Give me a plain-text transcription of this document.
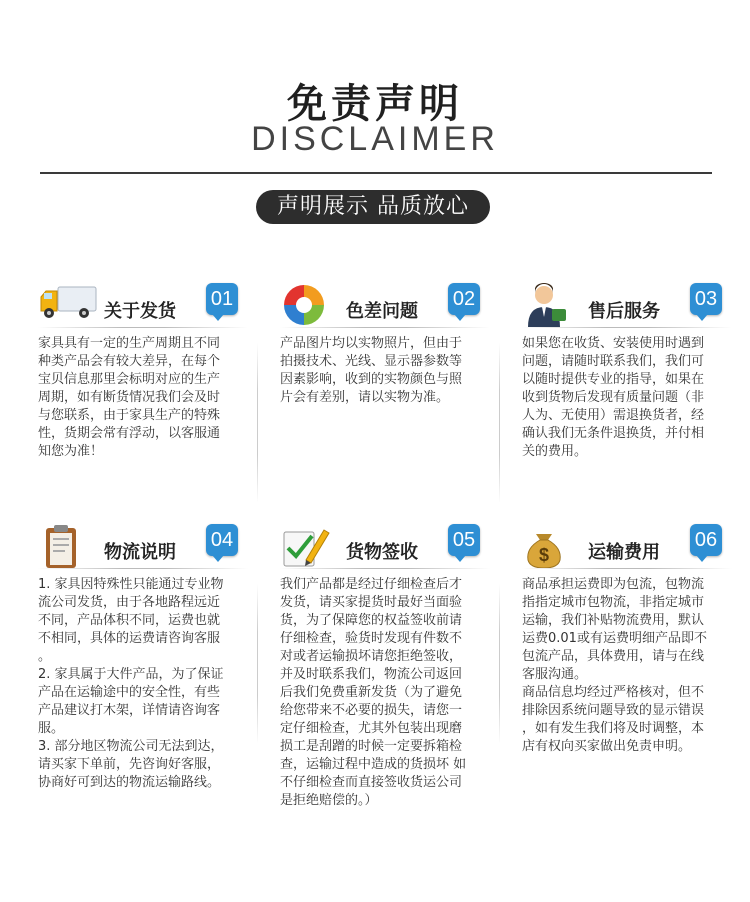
免责声明
DISCLAIMER
声明展示 品质放心
关于发货
01
家具具有一定的生产周期且不同
种类产品会有较大差异，在每个
宝贝信息那里会标明对应的生产
周期，如有断货情况我们会及时
与您联系，由于家具生产的特殊
性，货期会常有浮动，以客服通
知您为准！
色差问题
02
产品图片均以实物照片，但由于
拍摄技术、光线、显示器参数等
因素影响，收到的实物颜色与照
片会有差别，请以实物为准。
售后服务
03
如果您在收货、安装使用时遇到
问题，请随时联系我们，我们可
以随时提供专业的指导，如果在
收到货物后发现有质量问题（非
人为、无使用）需退换货者，经
确认我们无条件退换货，并付相
关的费用。
物流说明
04
1. 家具因特殊性只能通过专业物
流公司发货，由于各地路程远近
不同，产品体积不同，运费也就
不相同，具体的运费请咨询客服
。
2. 家具属于大件产品，为了保证
产品在运输途中的安全性，有些
产品建议打木架，详情请咨询客
服。
3. 部分地区物流公司无法到达，
请买家下单前，先咨询好客服，
协商好可到达的物流运输路线。
货物签收
05
我们产品都是经过仔细检查后才
发货，请买家提货时最好当面验
货，为了保障您的权益签收前请
仔细检查，验货时发现有件数不
对或者运输损坏请您拒绝签收，
并及时联系我们，物流公司返回
后我们免费重新发货（为了避免
给您带来不必要的损失，请您一
定仔细检查，尤其外包装出现磨
损工是刮蹭的时候一定要拆箱检
查，运输过程中造成的货损坏 如
不仔细检查而直接签收货运公司
是拒绝赔偿的。）
$ 运输费用
06
商品承担运费即为包流，包物流
指指定城市包物流，非指定城市
运输，我们补贴物流费用，默认
运费0.01或有运费明细产品即不
包流产品，具体费用，请与在线
客服沟通。
商品信息均经过严格核对，但不
排除因系统问题导致的显示错误
，如有发生我们将及时调整，本
店有权向买家做出免责申明。
